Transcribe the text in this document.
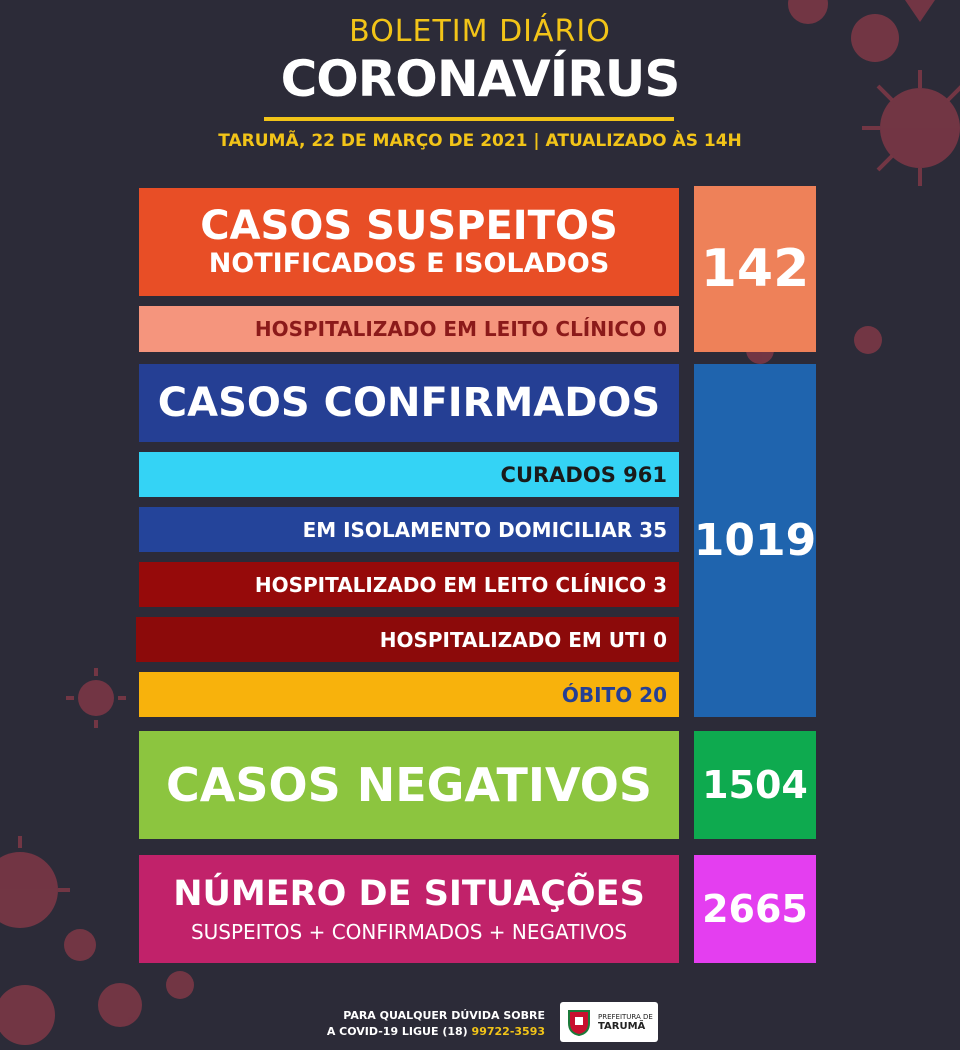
BOLETIM DIÁRIO
CORONAVÍRUS
TARUMÃ, 22 DE MARÇO DE 2021 | ATUALIZADO ÀS 14H
CASOS SUSPEITOS
NOTIFICADOS E ISOLADOS
HOSPITALIZADO EM LEITO CLÍNICO 0
142
CASOS CONFIRMADOS
CURADOS 961
EM ISOLAMENTO DOMICILIAR 35
HOSPITALIZADO EM LEITO CLÍNICO 3
HOSPITALIZADO EM UTI 0
ÓBITO 20
1019
CASOS NEGATIVOS 1504
NÚMERO DE SITUAÇÕES
SUSPEITOS + CONFIRMADOS + NEGATIVOS
2665
PARA QUALQUER DÚVIDA SOBRE
A COVID-19 LIGUE (18) 99722-3593
PREFEITURA DE
TARUMÃ
